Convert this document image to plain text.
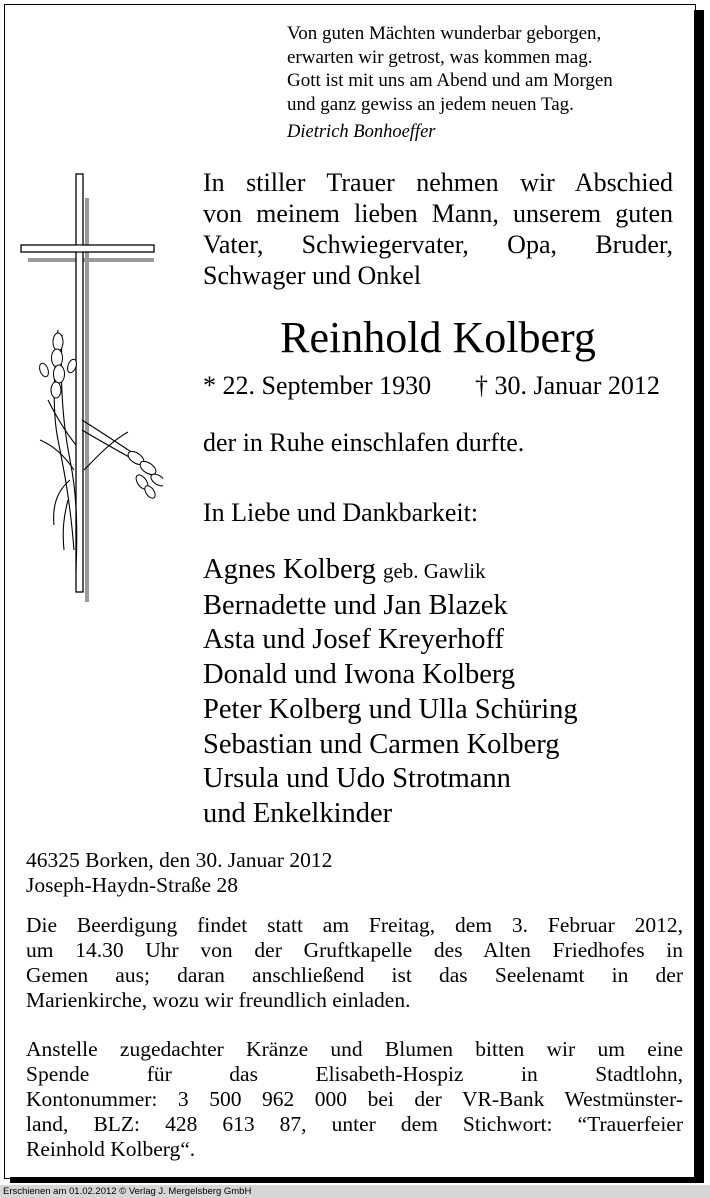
Von guten Mächten wunderbar geborgen,
erwarten wir getrost, was kommen mag.
Gott ist mit uns am Abend und am Morgen
und ganz gewiss an jedem neuen Tag.
Dietrich Bonhoeffer
In stiller Trauer nehmen wir Abschied
von meinem lieben Mann, unserem guten
Vater, Schwiegervater, Opa, Bruder,
Schwager und Onkel
Reinhold Kolberg
* 22. September 1930 † 30. Januar 2012
der in Ruhe einschlafen durfte.
In Liebe und Dankbarkeit:
Agnes Kolberg geb. Gawlik
Bernadette und Jan Blazek
Asta und Josef Kreyerhoff
Donald und Iwona Kolberg
Peter Kolberg und Ulla Schüring
Sebastian und Carmen Kolberg
Ursula und Udo Strotmann
und Enkelkinder
46325 Borken, den 30. Januar 2012
Joseph-Haydn-Straße 28
Die Beerdigung findet statt am Freitag, dem 3. Februar 2012,
um 14.30 Uhr von der Gruftkapelle des Alten Friedhofes in
Gemen aus; daran anschließend ist das Seelenamt in der
Marienkirche, wozu wir freundlich einladen.
Anstelle zugedachter Kränze und Blumen bitten wir um eine
Spende für das Elisabeth-Hospiz in Stadtlohn,
Kontonummer: 3 500 962 000 bei der VR-Bank Westmünster-
land, BLZ: 428 613 87, unter dem Stichwort: “Trauerfeier
Reinhold Kolberg“.
Erschienen am 01.02.2012 © Verlag J. Mergelsberg GmbH
